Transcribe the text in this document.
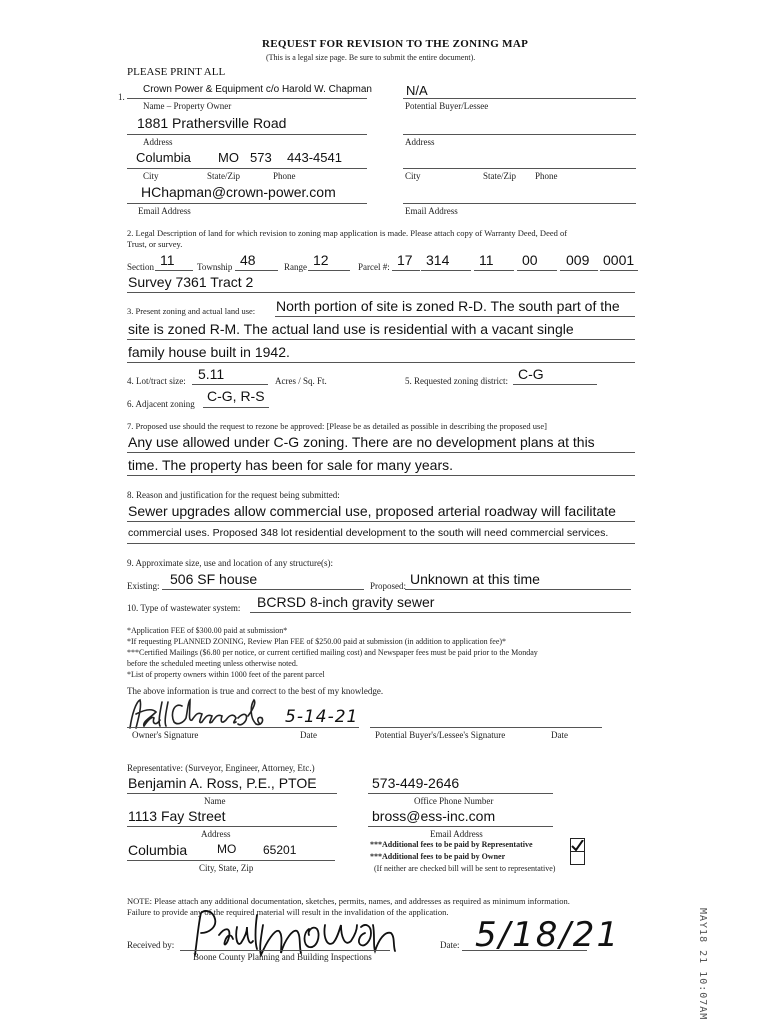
REQUEST FOR REVISION TO THE ZONING MAP
(This is a legal size page. Be sure to submit the entire document).
PLEASE PRINT ALL
1.
Crown Power & Equipment c/o Harold W. Chapman
Name – Property Owner
N/A
Potential Buyer/Lessee
1881 Prathersville Road
Address	Address
Columbia MO 573 443-4541
City	State/Zip	Phone	City	State/Zip Phone
HChapman@crown-power.com
Email Address	Email Address
2. Legal Description of land for which revision to zoning map application is made. Please attach copy of Warranty Deed, Deed of
Trust, or survey.
Section 11 Township 48	Range 12	Parcel #: 17 314 11 00 009 0001
Survey 7361 Tract 2
3. Present zoning and actual land use: North portion of site is zoned R-D. The south part of the
site is zoned R-M. The actual land use is residential with a vacant single
family house built in 1942.
4. Lot/tract size: 5.11	Acres / Sq. Ft.	5. Requested zoning district: C-G
6. Adjacent zoning C-G, R-S
7. Proposed use should the request to rezone be approved: [Please be as detailed as possible in describing the proposed use]
Any use allowed under C-G zoning. There are no development plans at this
time. The property has been for sale for many years.
8. Reason and justification for the request being submitted:
Sewer upgrades allow commercial use, proposed arterial roadway will facilitate
commercial uses. Proposed 348 lot residential development to the south will need commercial services.
9. Approximate size, use and location of any structure(s):
Existing: 506 SF house	Proposed: Unknown at this time
10. Type of wastewater system: BCRSD 8-inch gravity sewer
*Application FEE of $300.00 paid at submission*
*If requesting PLANNED ZONING, Review Plan FEE of $250.00 paid at submission (in addition to application fee)*
***Certified Mailings ($6.80 per notice, or current certified mailing cost) and Newspaper fees must be paid prior to the Monday
before the scheduled meeting unless otherwise noted.
*List of property owners within 1000 feet of the parent parcel
The above information is true and correct to the best of my knowledge.
5-14-21
Owner's Signature	Date	Potential Buyer's/Lessee's Signature	Date
Representative: (Surveyor, Engineer, Attorney, Etc.)
Benjamin A. Ross, P.E., PTOE
Name
573-449-2646
Office Phone Number
1113 Fay Street
Address
bross@ess-inc.com
Email Address
Columbia MO 65201
City, State, Zip
***Additional fees to be paid by Representative
***Additional fees to be paid by Owner
(If neither are checked bill will be sent to representative)
NOTE: Please attach any additional documentation, sketches, permits, names, and addresses as required as minimum information.
Failure to provide any of the required material will result in the invalidation of the application.
Received by:
Boone County Planning and Building Inspections
Date: 5/18/21	MAY18 21 10:07AM
